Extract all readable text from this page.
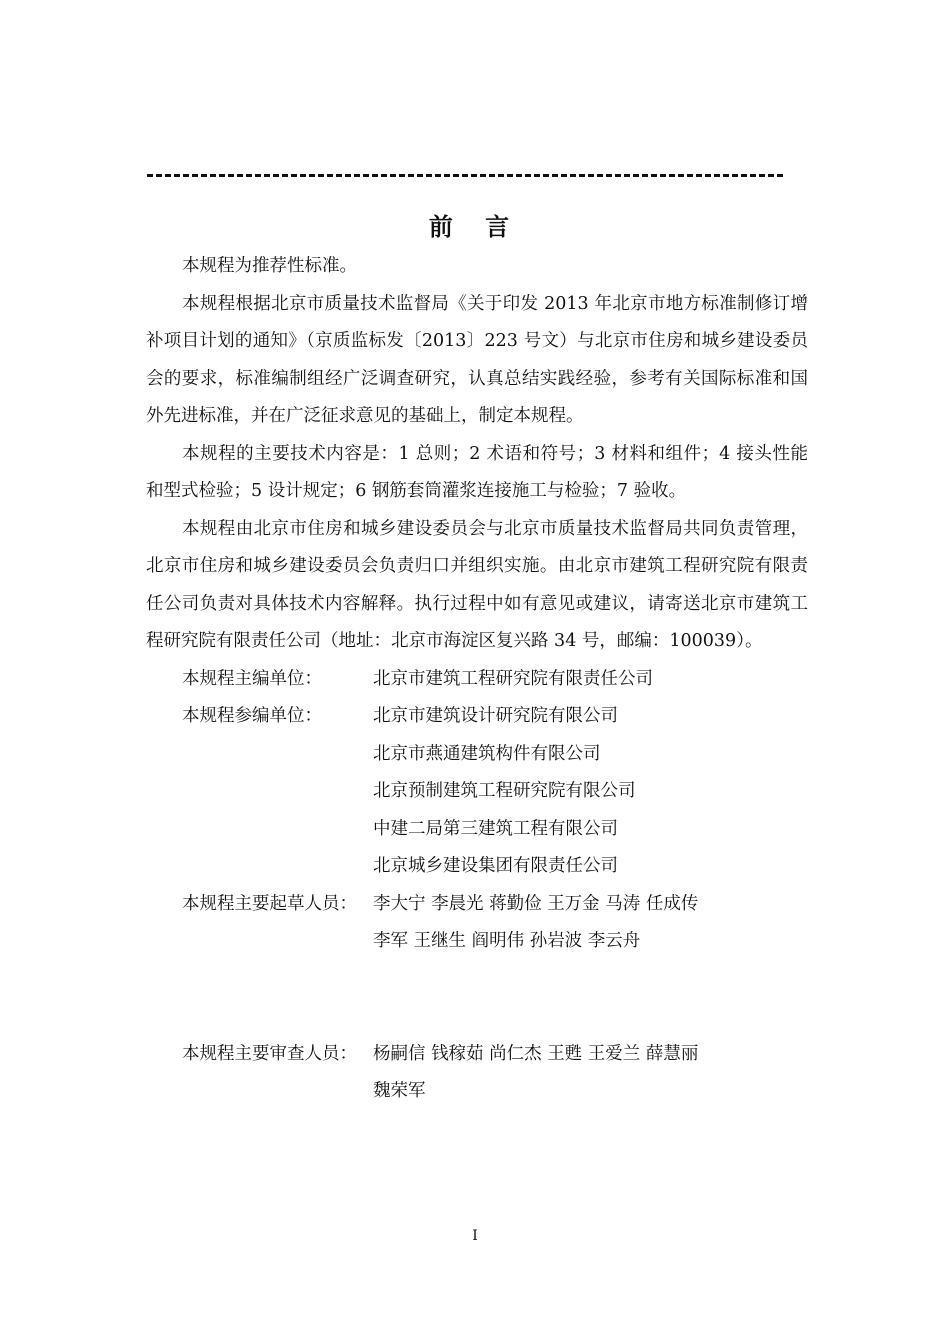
前 言

本规程为推荐性标准。

本规程根据北京市质量技术监督局《关于印发 2013 年北京市地方标准制修订增补项目计划的通知》（京质监标发〔2013〕223 号文）与北京市住房和城乡建设委员会的要求，标准编制组经广泛调查研究，认真总结实践经验，参考有关国际标准和国外先进标准，并在广泛征求意见的基础上，制定本规程。

本规程的主要技术内容是：1 总则；2 术语和符号；3 材料和组件；4 接头性能和型式检验；5 设计规定；6 钢筋套筒灌浆连接施工与检验；7 验收。

本规程由北京市住房和城乡建设委员会与北京市质量技术监督局共同负责管理，北京市住房和城乡建设委员会负责归口并组织实施。由北京市建筑工程研究院有限责任公司负责对具体技术内容解释。执行过程中如有意见或建议，请寄送北京市建筑工程研究院有限责任公司（地址：北京市海淀区复兴路 34 号，邮编：100039）。

本规程主编单位：	北京市建筑工程研究院有限责任公司
本规程参编单位：	北京市建筑设计研究院有限公司
北京市燕通建筑构件有限公司
北京预制建筑工程研究院有限公司
中建二局第三建筑工程有限公司
北京城乡建设集团有限责任公司
本规程主要起草人员： 李大宁 李晨光 蒋勤俭 王万金 马涛 任成传
李军 王继生 阎明伟 孙岩波 李云舟
本规程主要审查人员： 杨嗣信 钱稼茹 尚仁杰 王甦 王爱兰 薛慧丽
魏荣军
I
